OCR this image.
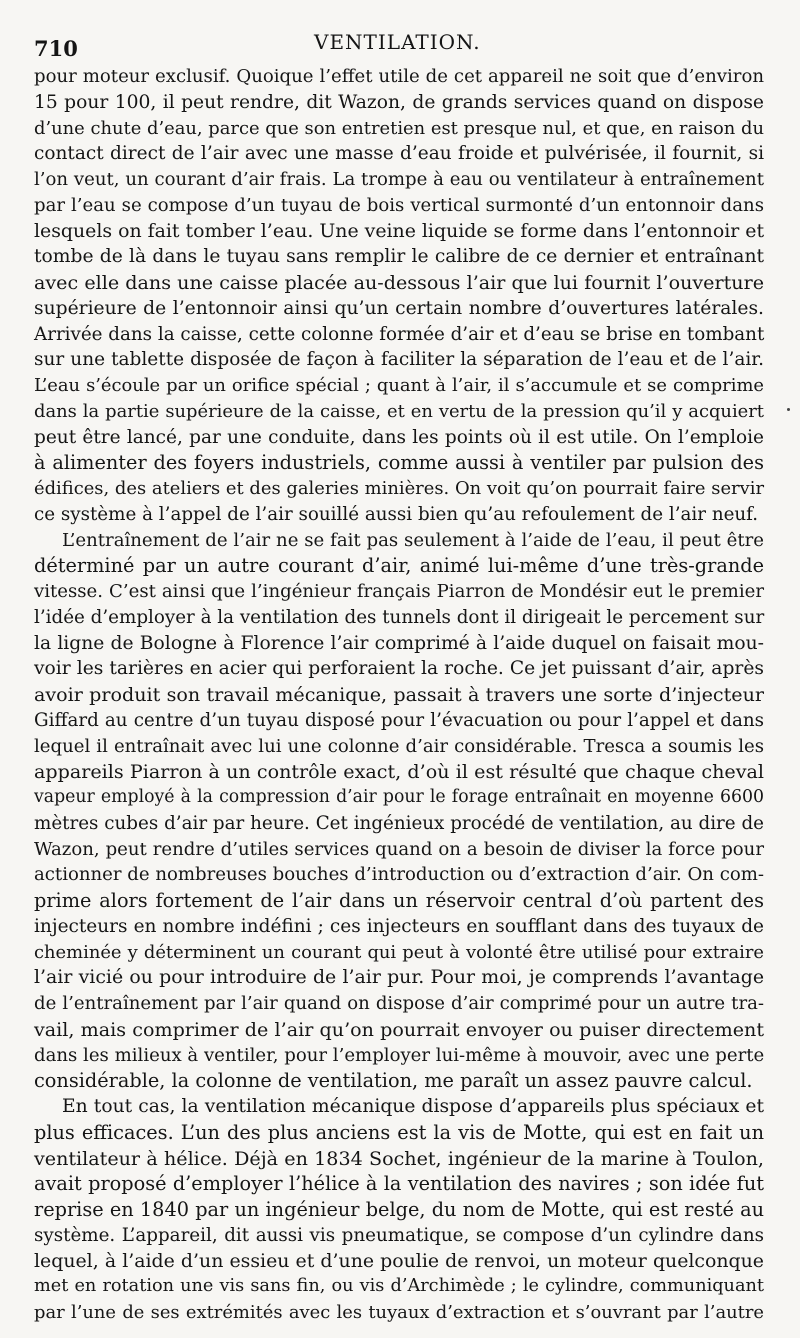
710	VENTILATION.
pour moteur exclusif. Quoique l’effet utile de cet appareil ne soit que d’environ
15 pour 100, il peut rendre, dit Wazon, de grands services quand on dispose
d’une chute d’eau, parce que son entretien est presque nul, et que, en raison du
contact direct de l’air avec une masse d’eau froide et pulvérisée, il fournit, si
l’on veut, un courant d’air frais. La trompe à eau ou ventilateur à entraînement
par l’eau se compose d’un tuyau de bois vertical surmonté d’un entonnoir dans
lesquels on fait tomber l’eau. Une veine liquide se forme dans l’entonnoir et
tombe de là dans le tuyau sans remplir le calibre de ce dernier et entraînant
avec elle dans une caisse placée au-dessous l’air que lui fournit l’ouverture
supérieure de l’entonnoir ainsi qu’un certain nombre d’ouvertures latérales.
Arrivée dans la caisse, cette colonne formée d’air et d’eau se brise en tombant
sur une tablette disposée de façon à faciliter la séparation de l’eau et de l’air.
L’eau s’écoule par un orifice spécial ; quant à l’air, il s’accumule et se comprime
dans la partie supérieure de la caisse, et en vertu de la pression qu’il y acquiert
peut être lancé, par une conduite, dans les points où il est utile. On l’emploie
à alimenter des foyers industriels, comme aussi à ventiler par pulsion des
édifices, des ateliers et des galeries minières. On voit qu’on pourrait faire servir
ce système à l’appel de l’air souillé aussi bien qu’au refoulement de l’air neuf.
L’entraînement de l’air ne se fait pas seulement à l’aide de l’eau, il peut être
déterminé par un autre courant d’air, animé lui-même d’une très-grande
vitesse. C’est ainsi que l’ingénieur français Piarron de Mondésir eut le premier
l’idée d’employer à la ventilation des tunnels dont il dirigeait le percement sur
la ligne de Bologne à Florence l’air comprimé à l’aide duquel on faisait mou-
voir les tarières en acier qui perforaient la roche. Ce jet puissant d’air, après
avoir produit son travail mécanique, passait à travers une sorte d’injecteur
Giffard au centre d’un tuyau disposé pour l’évacuation ou pour l’appel et dans
lequel il entraînait avec lui une colonne d’air considérable. Tresca a soumis les
appareils Piarron à un contrôle exact, d’où il est résulté que chaque cheval
vapeur employé à la compression d’air pour le forage entraînait en moyenne 6600
mètres cubes d’air par heure. Cet ingénieux procédé de ventilation, au dire de
Wazon, peut rendre d’utiles services quand on a besoin de diviser la force pour
actionner de nombreuses bouches d’introduction ou d’extraction d’air. On com-
prime alors fortement de l’air dans un réservoir central d’où partent des
injecteurs en nombre indéfini ; ces injecteurs en soufflant dans des tuyaux de
cheminée y déterminent un courant qui peut à volonté être utilisé pour extraire
l’air vicié ou pour introduire de l’air pur. Pour moi, je comprends l’avantage
de l’entraînement par l’air quand on dispose d’air comprimé pour un autre tra-
vail, mais comprimer de l’air qu’on pourrait envoyer ou puiser directement
dans les milieux à ventiler, pour l’employer lui-même à mouvoir, avec une perte
considérable, la colonne de ventilation, me paraît un assez pauvre calcul.
En tout cas, la ventilation mécanique dispose d’appareils plus spéciaux et
plus efficaces. L’un des plus anciens est la vis de Motte, qui est en fait un
ventilateur à hélice. Déjà en 1834 Sochet, ingénieur de la marine à Toulon,
avait proposé d’employer l’hélice à la ventilation des navires ; son idée fut
reprise en 1840 par un ingénieur belge, du nom de Motte, qui est resté au
système. L’appareil, dit aussi vis pneumatique, se compose d’un cylindre dans
lequel, à l’aide d’un essieu et d’une poulie de renvoi, un moteur quelconque
met en rotation une vis sans fin, ou vis d’Archimède ; le cylindre, communiquant
par l’une de ses extrémités avec les tuyaux d’extraction et s’ouvrant par l’autre
